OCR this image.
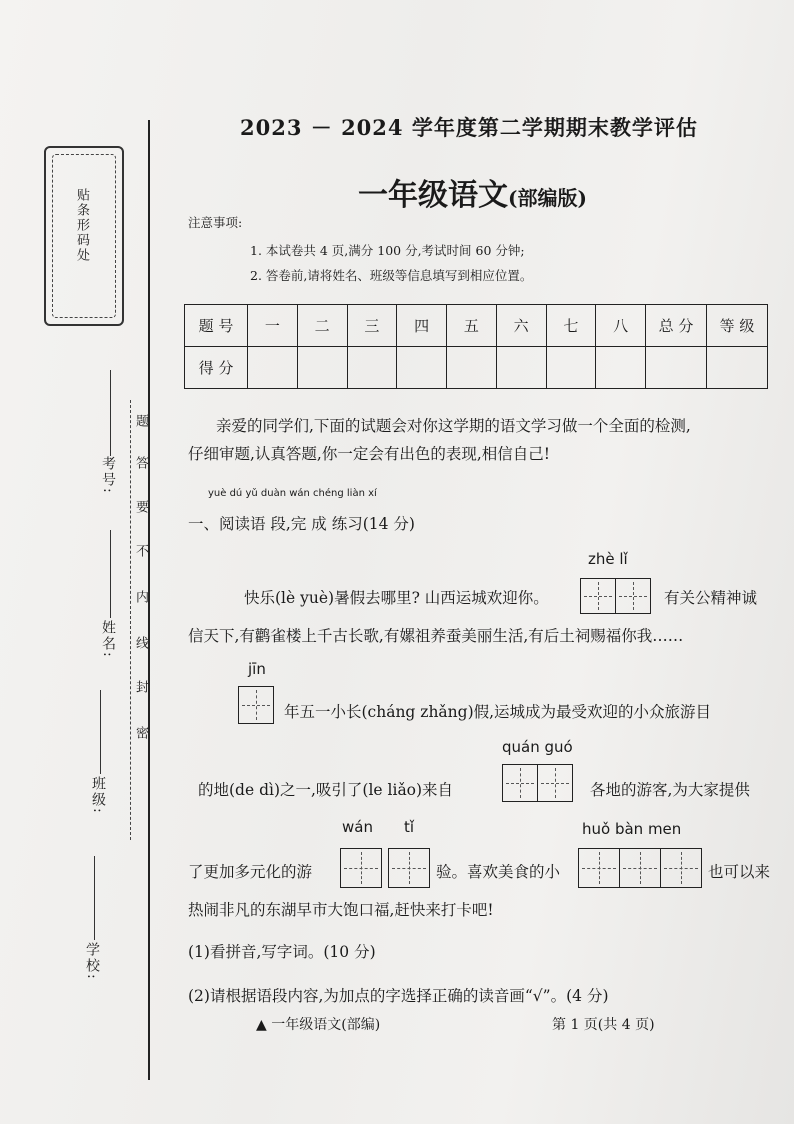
贴条形码处
题
答
要
不
内
线
封
密
考号:
姓名:
班级:
学校:
2023 － 2024 学年度第二学期期末教学评估
一年级语文(部编版)
注意事项:
1. 本试卷共 4 页,满分 100 分,考试时间 60 分钟;
2. 答卷前,请将姓名、班级等信息填写到相应位置。
题 号	一	二	三	四	五	六	七	八	总 分	等 级
得 分										
亲爱的同学们,下面的试题会对你这学期的语文学习做一个全面的检测,
仔细审题,认真答题,你一定会有出色的表现,相信自己!
yuè dú yǔ duàn wán chéng liàn xí
一、阅读语 段,完 成 练习(14 分)
zhè lǐ
快乐(lè yuè)暑假去哪里? 山西运城欢迎你。	有关公精神诚
信天下,有鹳雀楼上千古长歌,有嫘祖养蚕美丽生活,有后土祠赐福你我……
jīn
年五一小长(cháng zhǎng)假,运城成为最受欢迎的小众旅游目
quán guó
的地(de dì)之一,吸引了(le liǎo)来自	各地的游客,为大家提供
wán tǐ	huǒ bàn men
了更加多元化的游	验。喜欢美食的小	也可以来
热闹非凡的东湖早市大饱口福,赶快来打卡吧!
(1)看拼音,写字词。(10 分)
(2)请根据语段内容,为加点的字选择正确的读音画“√”。(4 分)
▲ 一年级语文(部编)	第 1 页(共 4 页)
